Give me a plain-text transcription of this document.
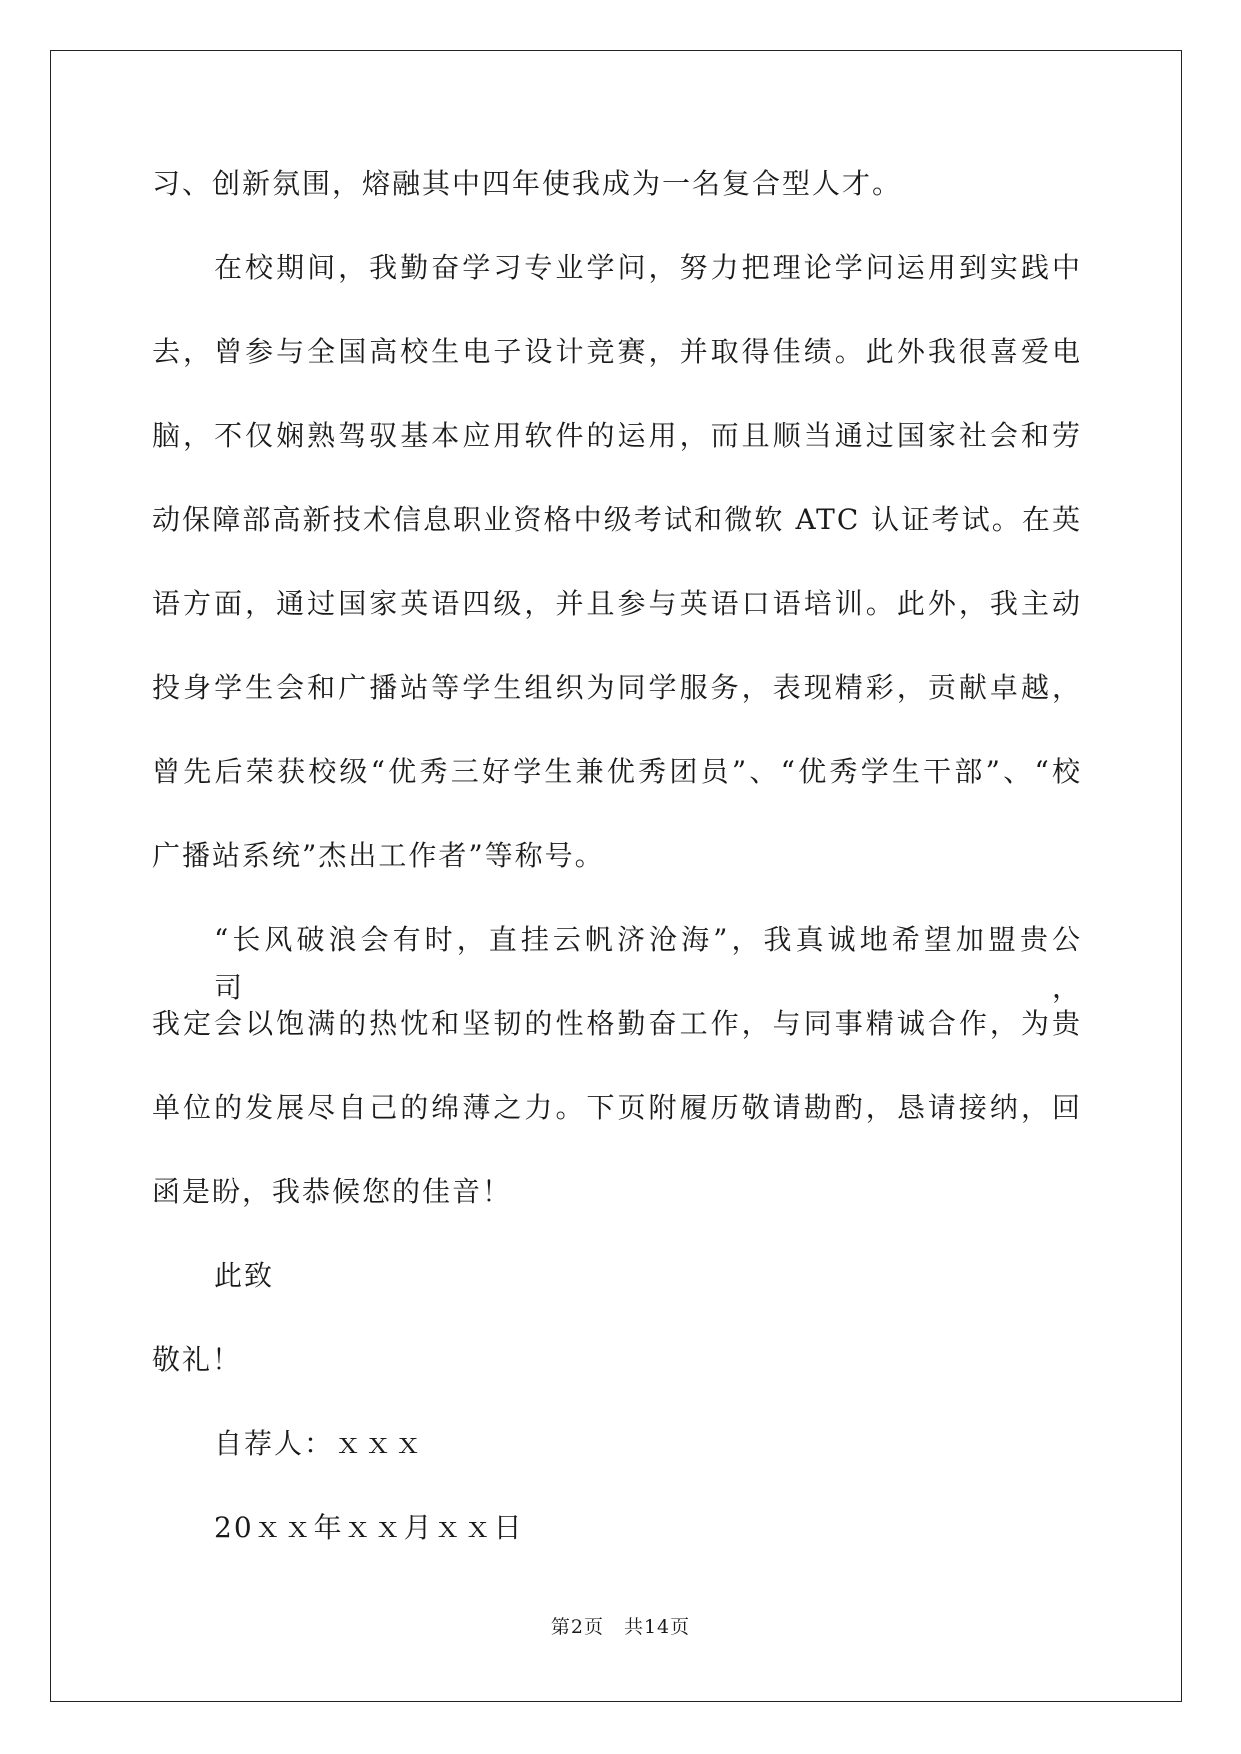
习、创新氛围，熔融其中四年使我成为一名复合型人才。
在校期间，我勤奋学习专业学问，努力把理论学问运用到实践中
去，曾参与全国高校生电子设计竞赛，并取得佳绩。此外我很喜爱电
脑，不仅娴熟驾驭基本应用软件的运用，而且顺当通过国家社会和劳
动保障部高新技术信息职业资格中级考试和微软 ATC 认证考试。在英
语方面，通过国家英语四级，并且参与英语口语培训。此外，我主动
投身学生会和广播站等学生组织为同学服务，表现精彩，贡献卓越，
曾先后荣获校级“优秀三好学生兼优秀团员”、“优秀学生干部”、“校
广播站系统”杰出工作者”等称号。
“长风破浪会有时，直挂云帆济沧海”，我真诚地希望加盟贵公司，
我定会以饱满的热忱和坚韧的性格勤奋工作，与同事精诚合作，为贵
单位的发展尽自己的绵薄之力。下页附履历敬请勘酌，恳请接纳，回
函是盼，我恭候您的佳音！
此致
敬礼！
自荐人：ｘｘｘ
20ｘｘ年ｘｘ月ｘｘ日
第2页　共14页
